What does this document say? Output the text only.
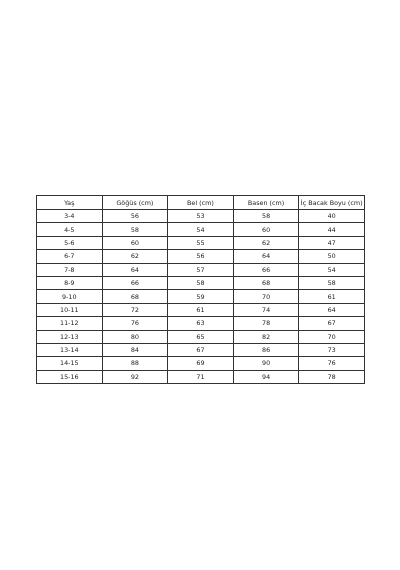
Yaş	Göğüs (cm)	Bel (cm)	Basen (cm)	İç Bacak Boyu (cm)
3-4	56	53	58	40
4-5	58	54	60	44
5-6	60	55	62	47
6-7	62	56	64	50
7-8	64	57	66	54
8-9	66	58	68	58
9-10	68	59	70	61
10-11	72	61	74	64
11-12	76	63	78	67
12-13	80	65	82	70
13-14	84	67	86	73
14-15	88	69	90	76
15-16	92	71	94	78
